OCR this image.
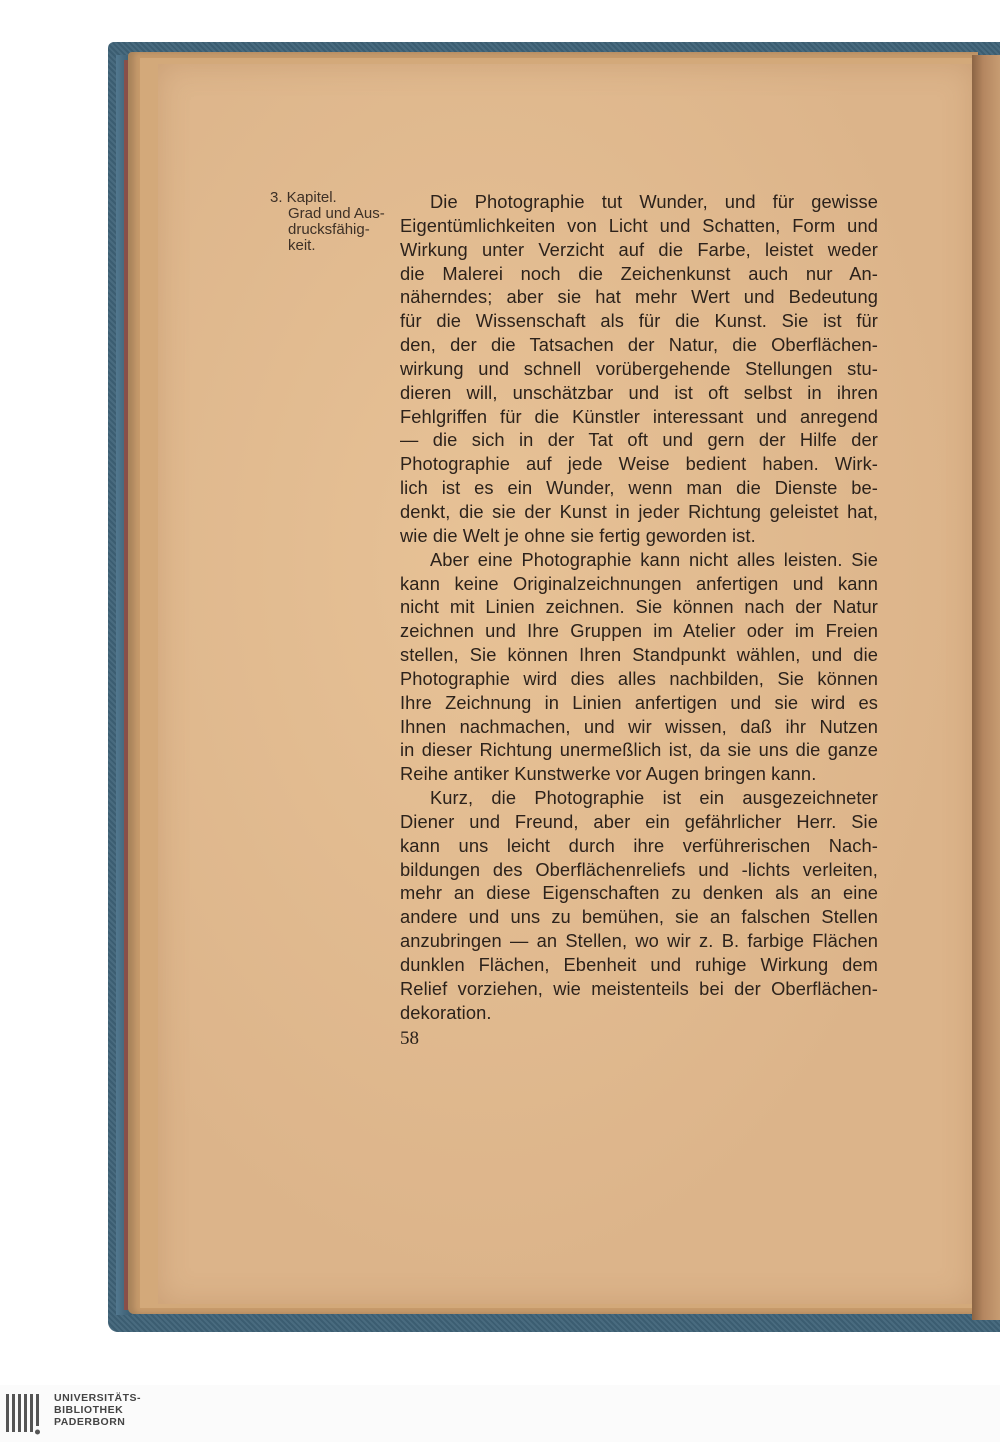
3. Kapitel.
Grad und Aus-
drucksfähig-
keit.

Die Photographie tut Wunder, und für gewisse
Eigentümlichkeiten von Licht und Schatten, Form und
Wirkung unter Verzicht auf die Farbe, leistet weder
die Malerei noch die Zeichenkunst auch nur An-
näherndes; aber sie hat mehr Wert und Bedeutung
für die Wissenschaft als für die Kunst. Sie ist für
den, der die Tatsachen der Natur, die Oberflächen-
wirkung und schnell vorübergehende Stellungen stu-
dieren will, unschätzbar und ist oft selbst in ihren
Fehlgriffen für die Künstler interessant und anregend
— die sich in der Tat oft und gern der Hilfe der
Photographie auf jede Weise bedient haben. Wirk-
lich ist es ein Wunder, wenn man die Dienste be-
denkt, die sie der Kunst in jeder Richtung geleistet hat,
wie die Welt je ohne sie fertig geworden ist.

Aber eine Photographie kann nicht alles leisten. Sie
kann keine Originalzeichnungen anfertigen und kann
nicht mit Linien zeichnen. Sie können nach der Natur
zeichnen und Ihre Gruppen im Atelier oder im Freien
stellen, Sie können Ihren Standpunkt wählen, und die
Photographie wird dies alles nachbilden, Sie können
Ihre Zeichnung in Linien anfertigen und sie wird es
Ihnen nachmachen, und wir wissen, daß ihr Nutzen
in dieser Richtung unermeßlich ist, da sie uns die ganze
Reihe antiker Kunstwerke vor Augen bringen kann.

Kurz, die Photographie ist ein ausgezeichneter
Diener und Freund, aber ein gefährlicher Herr. Sie
kann uns leicht durch ihre verführerischen Nach-
bildungen des Oberflächenreliefs und -lichts verleiten,
mehr an diese Eigenschaften zu denken als an eine
andere und uns zu bemühen, sie an falschen Stellen
anzubringen — an Stellen, wo wir z. B. farbige Flächen
dunklen Flächen, Ebenheit und ruhige Wirkung dem
Relief vorziehen, wie meistenteils bei der Oberflächen-
dekoration.

58
UNIVERSITÄTS-
BIBLIOTHEK
PADERBORN
